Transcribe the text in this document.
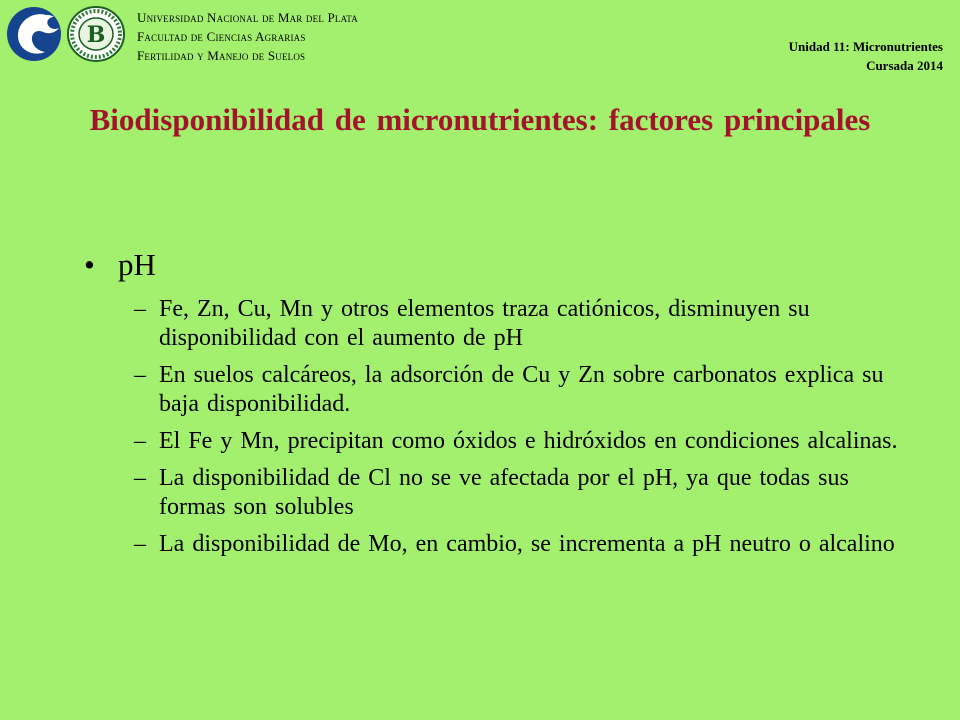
B
Universidad Nacional de Mar del Plata
Facultad de Ciencias Agrarias
Fertilidad y Manejo de Suelos
Unidad 11: Micronutrientes
Cursada 2014
Biodisponibilidad de micronutrientes: factores principales
• pH
– Fe, Zn, Cu, Mn y otros elementos traza catiónicos, disminuyen su disponibilidad con el aumento de pH
– En suelos calcáreos, la adsorción de Cu y Zn sobre carbonatos explica su baja disponibilidad.
– El Fe y Mn, precipitan como óxidos e hidróxidos en condiciones alcalinas.
– La disponibilidad de Cl no se ve afectada por el pH, ya que todas sus formas son solubles
– La disponibilidad de Mo, en cambio, se incrementa a pH neutro o alcalino
